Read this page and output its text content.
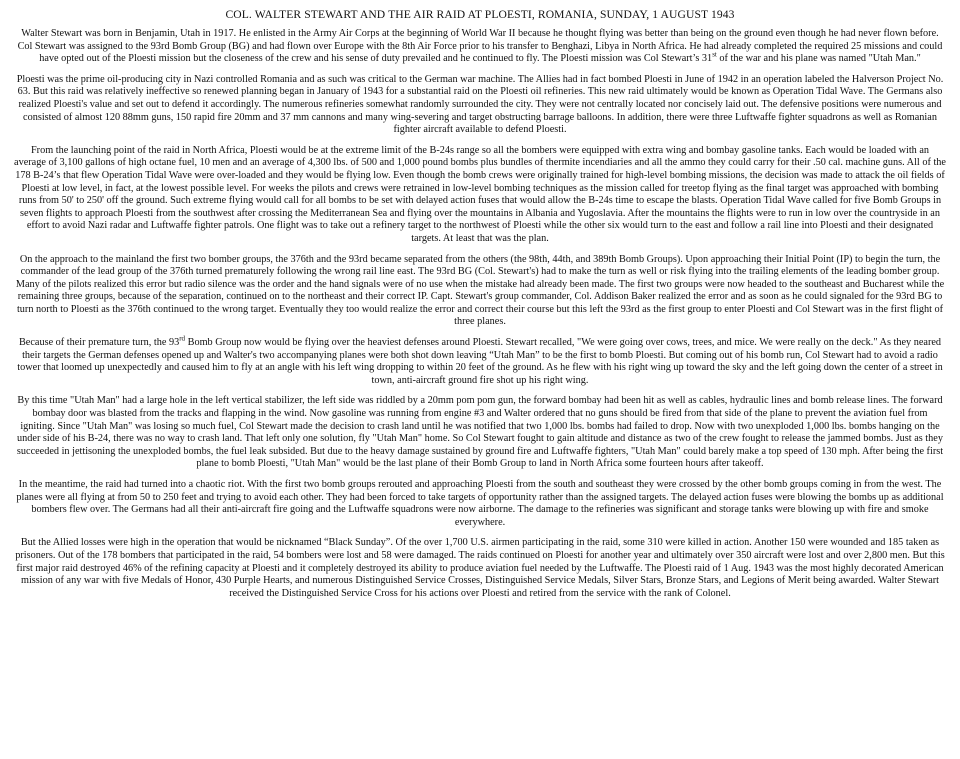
COL. WALTER STEWART AND THE AIR RAID AT PLOESTI, ROMANIA, SUNDAY, 1 AUGUST 1943

Walter Stewart was born in Benjamin, Utah in 1917. He enlisted in the Army Air Corps at the beginning of World War II because he thought flying was better than being on the ground even though he had never flown before. Col Stewart was assigned to the 93rd Bomb Group (BG) and had flown over Europe with the 8th Air Force prior to his transfer to Benghazi, Libya in North Africa. He had already completed the required 25 missions and could have opted out of the Ploesti mission but the closeness of the crew and his sense of duty prevailed and he continued to fly. The Ploesti mission was Col Stewart’s 31st of the war and his plane was named "Utah Man."

Ploesti was the prime oil-producing city in Nazi controlled Romania and as such was critical to the German war machine. The Allies had in fact bombed Ploesti in June of 1942 in an operation labeled the Halverson Project No. 63. But this raid was relatively ineffective so renewed planning began in January of 1943 for a substantial raid on the Ploesti oil refineries. This new raid ultimately would be known as Operation Tidal Wave. The Germans also realized Ploesti's value and set out to defend it accordingly. The numerous refineries somewhat randomly surrounded the city. They were not centrally located nor concisely laid out. The defensive positions were numerous and consisted of almost 120 88mm guns, 150 rapid fire 20mm and 37 mm cannons and many wing-severing and target obstructing barrage balloons. In addition, there were three Luftwaffe fighter squadrons as well as Romanian fighter aircraft available to defend Ploesti.

From the launching point of the raid in North Africa, Ploesti would be at the extreme limit of the B-24s range so all the bombers were equipped with extra wing and bombay gasoline tanks. Each would be loaded with an average of 3,100 gallons of high octane fuel, 10 men and an average of 4,300 lbs. of 500 and 1,000 pound bombs plus bundles of thermite incendiaries and all the ammo they could carry for their .50 cal. machine guns. All of the 178 B-24’s that flew Operation Tidal Wave were over-loaded and they would be flying low. Even though the bomb crews were originally trained for high-level bombing missions, the decision was made to attack the oil fields of Ploesti at low level, in fact, at the lowest possible level. For weeks the pilots and crews were retrained in low-level bombing techniques as the mission called for treetop flying as the final target was approached with bombing runs from 50' to 250' off the ground. Such extreme flying would call for all bombs to be set with delayed action fuses that would allow the B-24s time to escape the blasts. Operation Tidal Wave called for five Bomb Groups in seven flights to approach Ploesti from the southwest after crossing the Mediterranean Sea and flying over the mountains in Albania and Yugoslavia. After the mountains the flights were to run in low over the countryside in an effort to avoid Nazi radar and Luftwaffe fighter patrols. One flight was to take out a refinery target to the northwest of Ploesti while the other six would turn to the east and follow a rail line into Ploesti and their designated targets. At least that was the plan.

On the approach to the mainland the first two bomber groups, the 376th and the 93rd became separated from the others (the 98th, 44th, and 389th Bomb Groups). Upon approaching their Initial Point (IP) to begin the turn, the commander of the lead group of the 376th turned prematurely following the wrong rail line east. The 93rd BG (Col. Stewart's) had to make the turn as well or risk flying into the trailing elements of the leading bomber group. Many of the pilots realized this error but radio silence was the order and the hand signals were of no use when the mistake had already been made. The first two groups were now headed to the southeast and Bucharest while the remaining three groups, because of the separation, continued on to the northeast and their correct IP. Capt. Stewart's group commander, Col. Addison Baker realized the error and as soon as he could signaled for the 93rd BG to turn north to Ploesti as the 376th continued to the wrong target. Eventually they too would realize the error and correct their course but this left the 93rd as the first group to enter Ploesti and Col Stewart was in the first flight of three planes.

Because of their premature turn, the 93rd Bomb Group now would be flying over the heaviest defenses around Ploesti. Stewart recalled, "We were going over cows, trees, and mice. We were really on the deck." As they neared their targets the German defenses opened up and Walter's two accompanying planes were both shot down leaving “Utah Man” to be the first to bomb Ploesti. But coming out of his bomb run, Col Stewart had to avoid a radio tower that loomed up unexpectedly and caused him to fly at an angle with his left wing dropping to within 20 feet of the ground. As he flew with his right wing up toward the sky and the left going down the center of a street in town, anti-aircraft ground fire shot up his right wing.

By this time "Utah Man" had a large hole in the left vertical stabilizer, the left side was riddled by a 20mm pom pom gun, the forward bombay had been hit as well as cables, hydraulic lines and bomb release lines. The forward bombay door was blasted from the tracks and flapping in the wind. Now gasoline was running from engine #3 and Walter ordered that no guns should be fired from that side of the plane to prevent the aviation fuel from igniting. Since "Utah Man" was losing so much fuel, Col Stewart made the decision to crash land until he was notified that two 1,000 lbs. bombs had failed to drop. Now with two unexploded 1,000 lbs. bombs hanging on the under side of his B-24, there was no way to crash land. That left only one solution, fly "Utah Man" home. So Col Stewart fought to gain altitude and distance as two of the crew fought to release the jammed bombs. Just as they succeeded in jettisoning the unexploded bombs, the fuel leak subsided. But due to the heavy damage sustained by ground fire and Luftwaffe fighters, "Utah Man" could barely make a top speed of 130 mph. After being the first plane to bomb Ploesti, "Utah Man" would be the last plane of their Bomb Group to land in North Africa some fourteen hours after takeoff.

In the meantime, the raid had turned into a chaotic riot. With the first two bomb groups rerouted and approaching Ploesti from the south and southeast they were crossed by the other bomb groups coming in from the west. The planes were all flying at from 50 to 250 feet and trying to avoid each other. They had been forced to take targets of opportunity rather than the assigned targets. The delayed action fuses were blowing the bombs up as additional bombers flew over. The Germans had all their anti-aircraft fire going and the Luftwaffe squadrons were now airborne. The damage to the refineries was significant and storage tanks were blowing up with fire and smoke everywhere.

But the Allied losses were high in the operation that would be nicknamed “Black Sunday”. Of the over 1,700 U.S. airmen participating in the raid, some 310 were killed in action. Another 150 were wounded and 185 taken as prisoners. Out of the 178 bombers that participated in the raid, 54 bombers were lost and 58 were damaged. The raids continued on Ploesti for another year and ultimately over 350 aircraft were lost and over 2,800 men. But this first major raid destroyed 46% of the refining capacity at Ploesti and it completely destroyed its ability to produce aviation fuel needed by the Luftwaffe. The Ploesti raid of 1 Aug. 1943 was the most highly decorated American mission of any war with five Medals of Honor, 430 Purple Hearts, and numerous Distinguished Service Crosses, Distinguished Service Medals, Silver Stars, Bronze Stars, and Legions of Merit being awarded. Walter Stewart received the Distinguished Service Cross for his actions over Ploesti and retired from the service with the rank of Colonel.
